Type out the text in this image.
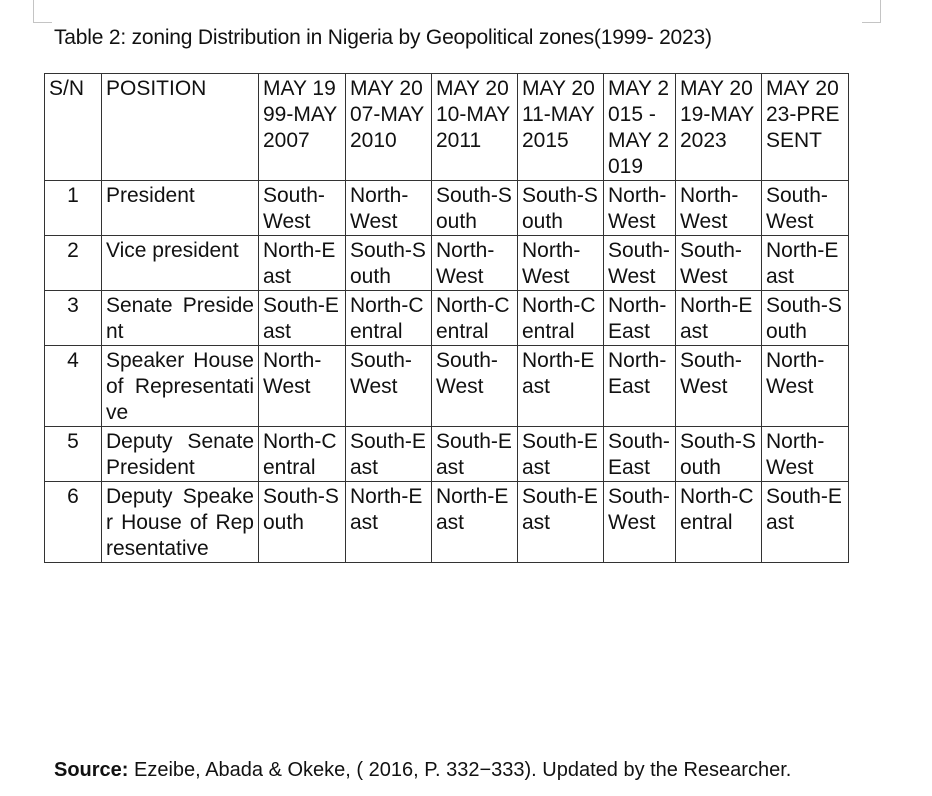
Table 2: zoning Distribution in Nigeria by Geopolitical zones(1999- 2023)
S/N	POSITION	MAY 1999-MAY 2007	MAY 2007-MAY 2010	MAY 2010-MAY 2011	MAY 2011-MAY 2015	MAY 2015 - MAY 2019	MAY 2019-MAY 2023	MAY 2023-PRESENT
1	President	South-West	North-West	South-South	South-South	North-West	North-West	South-West
2	Vice president	North-East	South-South	North-West	North-West	South-West	South-West	North-East
3	Senate President	South-East	North-Central	North-Central	North-Central	North-East	North-East	South-South
4	Speaker House of Representative	North-West	South-West	South-West	North-East	North-East	South-West	North-West
5	Deputy Senate President	North-Central	South-East	South-East	South-East	South-East	South-South	North-West
6	Deputy Speaker House of Representative	South-South	North-East	North-East	South-East	South-West	North-Central	South-East
Source: Ezeibe, Abada & Okeke, ( 2016, P. 332−333). Updated by the Researcher.
